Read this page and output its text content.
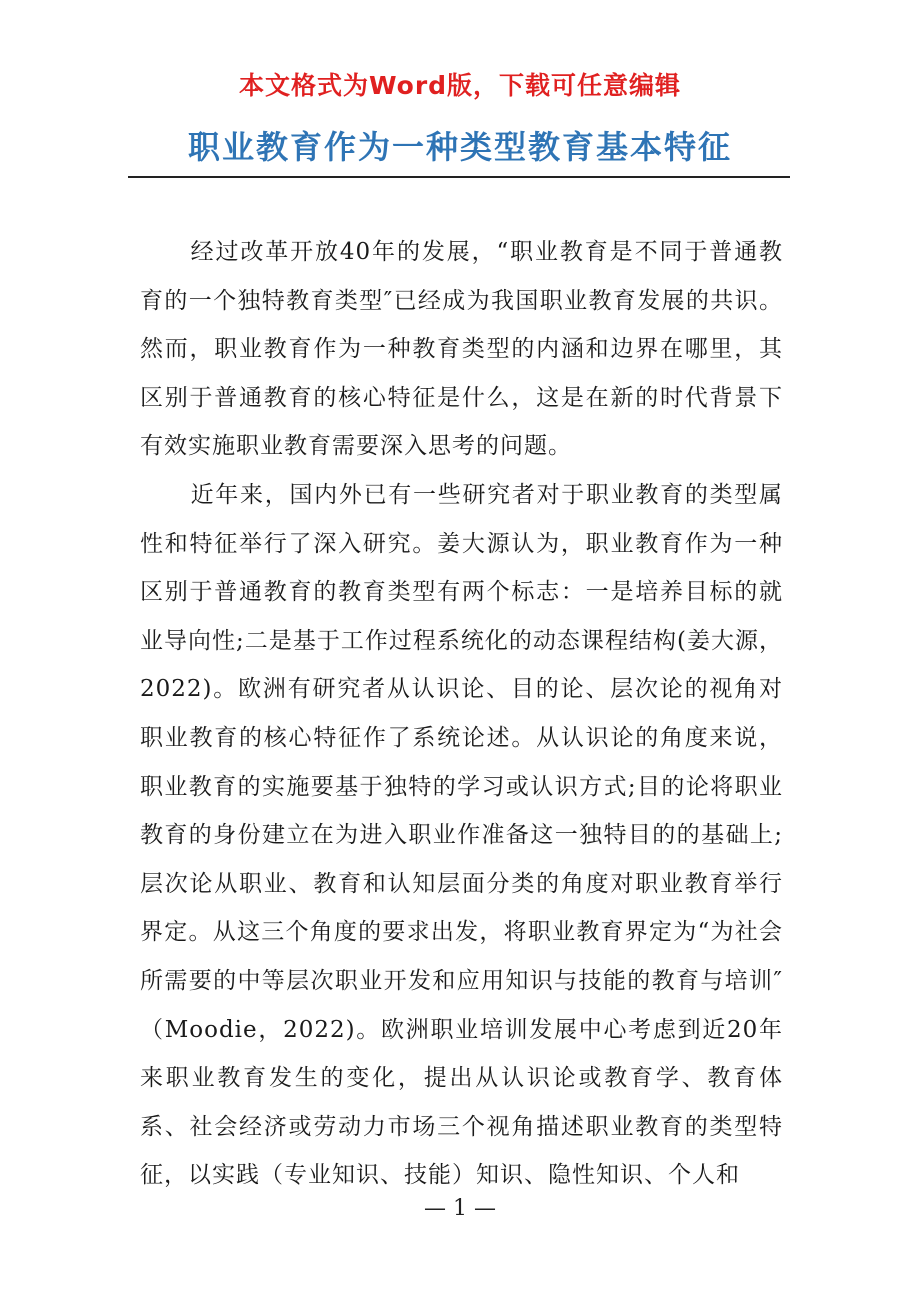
本文格式为Word版，下载可任意编辑
职业教育作为一种类型教育基本特征

经过改革开放40年的发展，“职业教育是不同于普通教育的一个独特教育类型″已经成为我国职业教育发展的共识。然而，职业教育作为一种教育类型的内涵和边界在哪里，其区别于普通教育的核心特征是什么，这是在新的时代背景下有效实施职业教育需要深入思考的问题。

近年来，国内外已有一些研究者对于职业教育的类型属性和特征举行了深入研究。姜大源认为，职业教育作为一种区别于普通教育的教育类型有两个标志：一是培养目标的就业导向性;二是基于工作过程系统化的动态课程结构(姜大源，2022)。欧洲有研究者从认识论、目的论、层次论的视角对职业教育的核心特征作了系统论述。从认识论的角度来说，职业教育的实施要基于独特的学习或认识方式;目的论将职业教育的身份建立在为进入职业作准备这一独特目的的基础上;层次论从职业、教育和认知层面分类的角度对职业教育举行界定。从这三个角度的要求出发，将职业教育界定为“为社会所需要的中等层次职业开发和应用知识与技能的教育与培训″（Moodie，2022)。欧洲职业培训发展中心考虑到近20年来职业教育发生的变化，提出从认识论或教育学、教育体系、社会经济或劳动力市场三个视角描述职业教育的类型特征，以实践（专业知识、技能）知识、隐性知识、个人和

— 1 —
